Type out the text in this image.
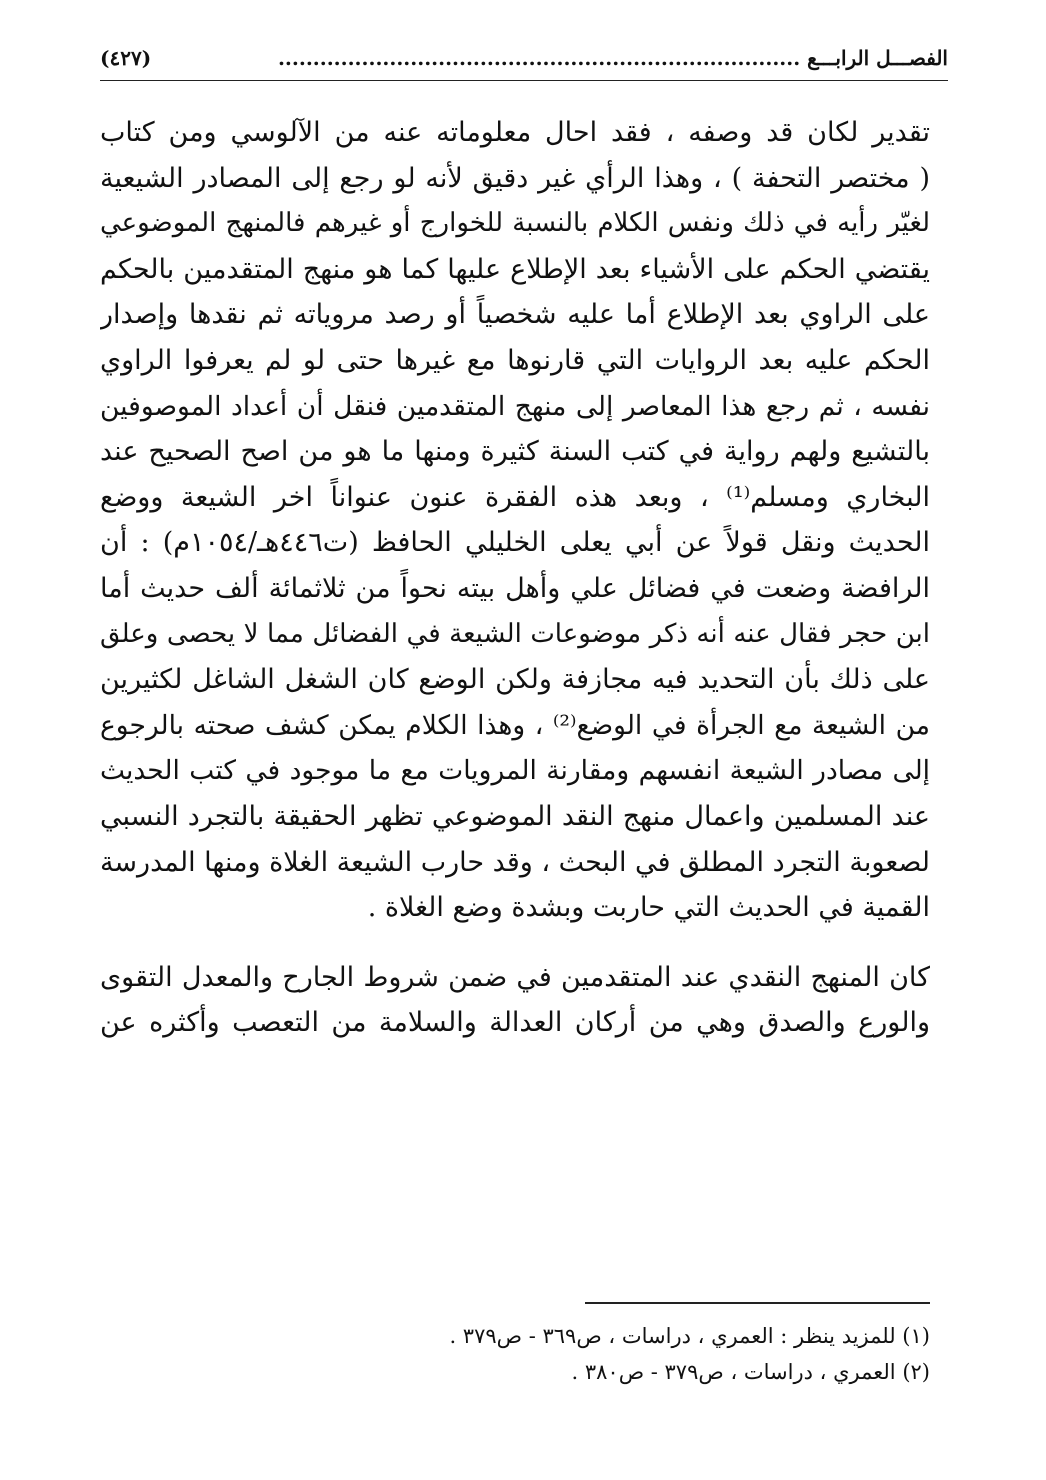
الفصـــل الرابـــع ...........................................................................
(٤٢٧)

تقدير لكان قد وصفه ، فقد احال معلوماته عنه من الآلوسي ومن كتاب
( مختصر التحفة ) ، وهذا الرأي غير دقيق لأنه لو رجع إلى المصادر الشيعية
لغيّر رأيه في ذلك ونفس الكلام بالنسبة للخوارج أو غيرهم فالمنهج الموضوعي
يقتضي الحكم على الأشياء بعد الإطلاع عليها كما هو منهج المتقدمين بالحكم
على الراوي بعد الإطلاع أما عليه شخصياً أو رصد مروياته ثم نقدها وإصدار
الحكم عليه بعد الروايات التي قارنوها مع غيرها حتى لو لم يعرفوا الراوي
نفسه ، ثم رجع هذا المعاصر إلى منهج المتقدمين فنقل أن أعداد الموصوفين
بالتشيع ولهم رواية في كتب السنة كثيرة ومنها ما هو من اصح الصحيح عند
البخاري ومسلم⁽¹⁾ ، وبعد هذه الفقرة عنون عنواناً اخر الشيعة ووضع
الحديث ونقل قولاً عن أبي يعلى الخليلي الحافظ (ت٤٤٦هـ/١٠٥٤م) : أن
الرافضة وضعت في فضائل علي وأهل بيته نحواً من ثلاثمائة ألف حديث أما
ابن حجر فقال عنه أنه ذكر موضوعات الشيعة في الفضائل مما لا يحصى وعلق
على ذلك بأن التحديد فيه مجازفة ولكن الوضع كان الشغل الشاغل لكثيرين
من الشيعة مع الجرأة في الوضع⁽²⁾ ، وهذا الكلام يمكن كشف صحته بالرجوع
إلى مصادر الشيعة انفسهم ومقارنة المرويات مع ما موجود في كتب الحديث
عند المسلمين واعمال منهج النقد الموضوعي تظهر الحقيقة بالتجرد النسبي
لصعوبة التجرد المطلق في البحث ، وقد حارب الشيعة الغلاة ومنها المدرسة
القمية في الحديث التي حاربت وبشدة وضع الغلاة .

كان المنهج النقدي عند المتقدمين في ضمن شروط الجارح والمعدل التقوى
والورع والصدق وهي من أركان العدالة والسلامة من التعصب وأكثره عن

(١) للمزيد ينظر : العمري ، دراسات ، ص٣٦٩ - ص٣٧٩ .
(٢) العمري ، دراسات ، ص٣٧٩ - ص٣٨٠ .
